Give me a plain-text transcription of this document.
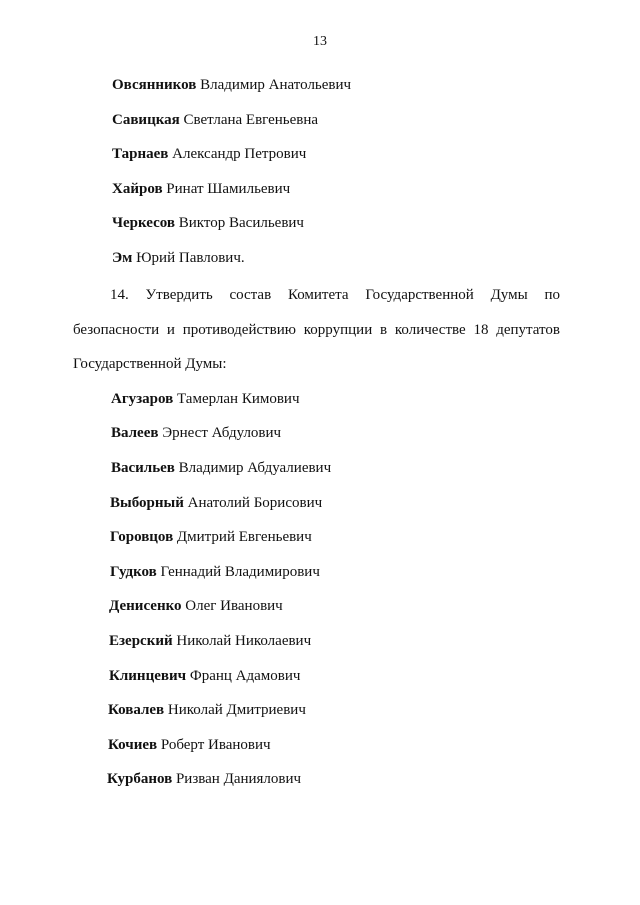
13
Овсянников Владимир Анатольевич
Савицкая Светлана Евгеньевна
Тарнаев Александр Петрович
Хайров Ринат Шамильевич
Черкесов Виктор Васильевич
Эм Юрий Павлович.
14. Утвердить состав Комитета Государственной Думы по
безопасности и противодействию коррупции в количестве 18 депутатов
Государственной Думы:
Агузаров Тамерлан Кимович
Валеев Эрнест Абдулович
Васильев Владимир Абдуалиевич
Выборный Анатолий Борисович
Горовцов Дмитрий Евгеньевич
Гудков Геннадий Владимирович
Денисенко Олег Иванович
Езерский Николай Николаевич
Клинцевич Франц Адамович
Ковалев Николай Дмитриевич
Кочиев Роберт Иванович
Курбанов Ризван Даниялович
